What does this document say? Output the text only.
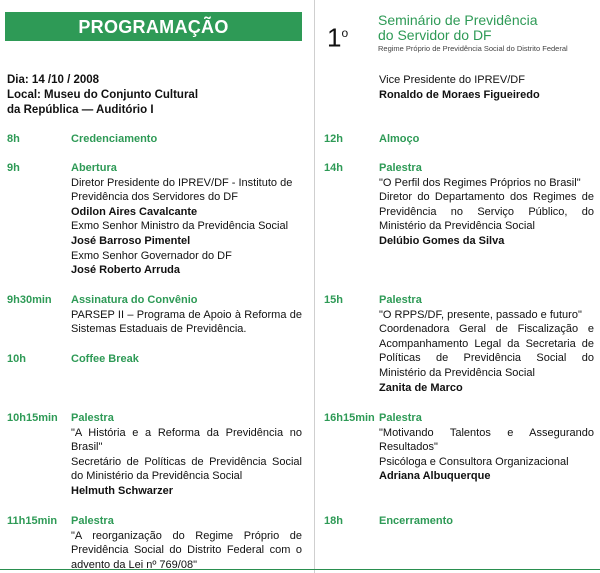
PROGRAMAÇÃO
Dia: 14 /10 / 2008
Local: Museu do Conjunto Cultural
da República — Auditório I
1$^o$
Seminário de Previdência
do Servidor do DF
Regime Próprio de Previdência Social do Distrito Federal
Vice Presidente do IPREV/DF
Ronaldo de Moraes Figueiredo
8h	Credenciamento
9h	Abertura
Diretor Presidente do IPREV/DF - Instituto de Previdência dos Servidores do DF
Odilon Aires Cavalcante
Exmo Senhor Ministro da Previdência Social
José Barroso Pimentel
Exmo Senhor Governador do DF
José Roberto Arruda
9h30min	Assinatura do Convênio
PARSEP II – Programa de Apoio à Reforma de Sistemas Estaduais de Previdência.
10h	Coffee Break
10h15min	Palestra
"A História e a Reforma da Previdência no Brasil"
Secretário de Políticas de Previdência Social do Ministério da Previdência Social
Helmuth Schwarzer
11h15min	Palestra
"A reorganização do Regime Próprio de Previdência Social do Distrito Federal com o advento da Lei nº 769/08"
12h	Almoço
14h	Palestra
"O Perfil dos Regimes Próprios no Brasil"
Diretor do Departamento dos Regimes de Previdência no Serviço Público, do Ministério da Previdência Social
Delúbio Gomes da Silva
15h	Palestra
"O RPPS/DF, presente, passado e futuro"
Coordenadora Geral de Fiscalização e Acompanhamento Legal da Secretaria de Políticas de Previdência Social do Ministério da Previdência Social
Zanita de Marco
16h15min Palestra
"Motivando Talentos e Assegurando Resultados"
Psicóloga e Consultora Organizacional
Adriana Albuquerque
18h	Encerramento
